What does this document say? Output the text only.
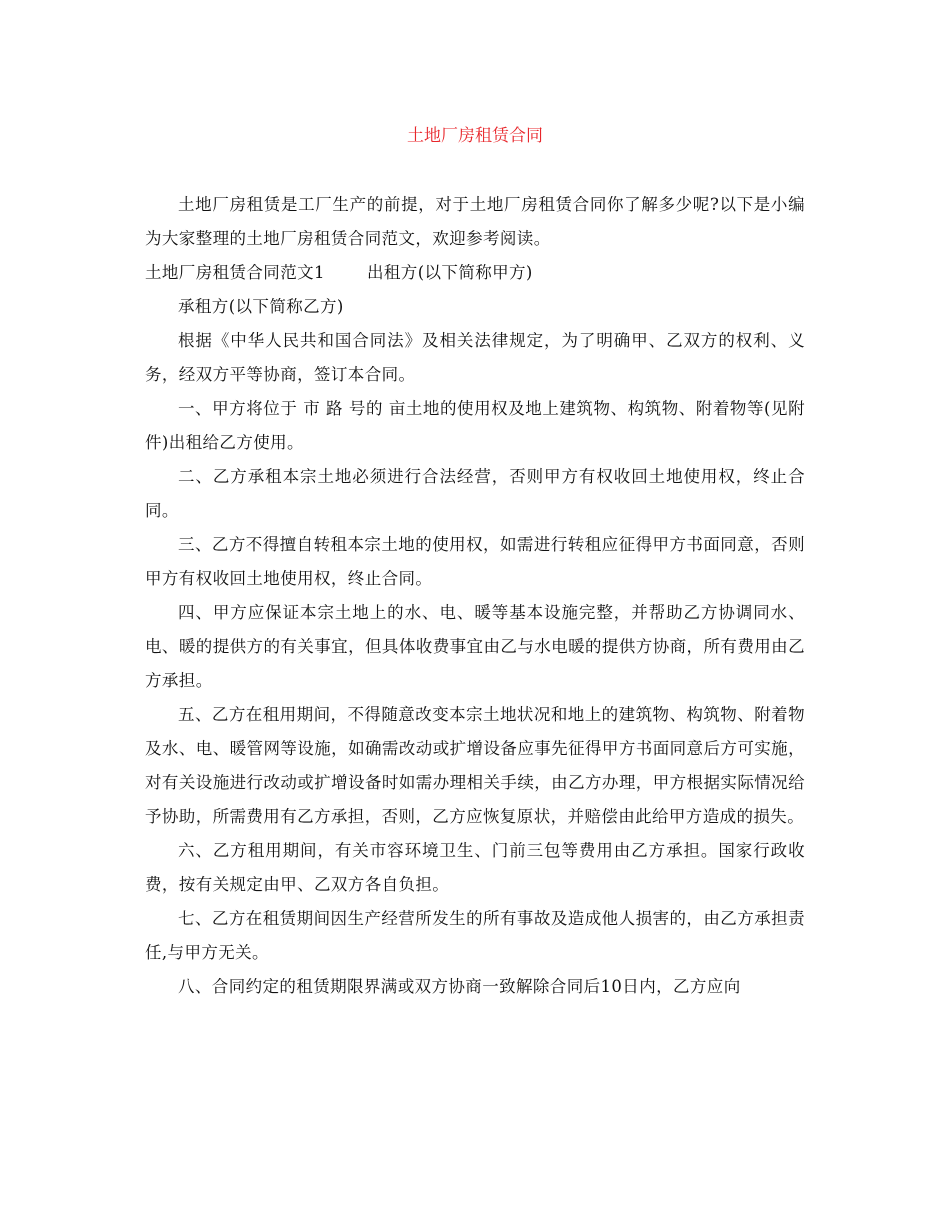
土地厂房租赁合同

土地厂房租赁是工厂生产的前提，对于土地厂房租赁合同你了解多少呢?以下是小编为大家整理的土地厂房租赁合同范文，欢迎参考阅读。

土地厂房租赁合同范文1	出租方(以下简称甲方)

承租方(以下简称乙方)

根据《中华人民共和国合同法》及相关法律规定，为了明确甲、乙双方的权利、义务，经双方平等协商，签订本合同。

一、甲方将位于 市 路 号的 亩土地的使用权及地上建筑物、构筑物、附着物等(见附件)出租给乙方使用。

二、乙方承租本宗土地必须进行合法经营，否则甲方有权收回土地使用权，终止合同。

三、乙方不得擅自转租本宗土地的使用权，如需进行转租应征得甲方书面同意，否则甲方有权收回土地使用权，终止合同。

四、甲方应保证本宗土地上的水、电、暖等基本设施完整，并帮助乙方协调同水、电、暖的提供方的有关事宜，但具体收费事宜由乙与水电暖的提供方协商，所有费用由乙方承担。

五、乙方在租用期间，不得随意改变本宗土地状况和地上的建筑物、构筑物、附着物及水、电、暖管网等设施，如确需改动或扩增设备应事先征得甲方书面同意后方可实施，对有关设施进行改动或扩增设备时如需办理相关手续，由乙方办理，甲方根据实际情况给予协助，所需费用有乙方承担，否则，乙方应恢复原状，并赔偿由此给甲方造成的损失。

六、乙方租用期间，有关市容环境卫生、门前三包等费用由乙方承担。国家行政收费，按有关规定由甲、乙双方各自负担。

七、乙方在租赁期间因生产经营所发生的所有事故及造成他人损害的，由乙方承担责任,与甲方无关。

八、合同约定的租赁期限界满或双方协商一致解除合同后10日内，乙方应向
